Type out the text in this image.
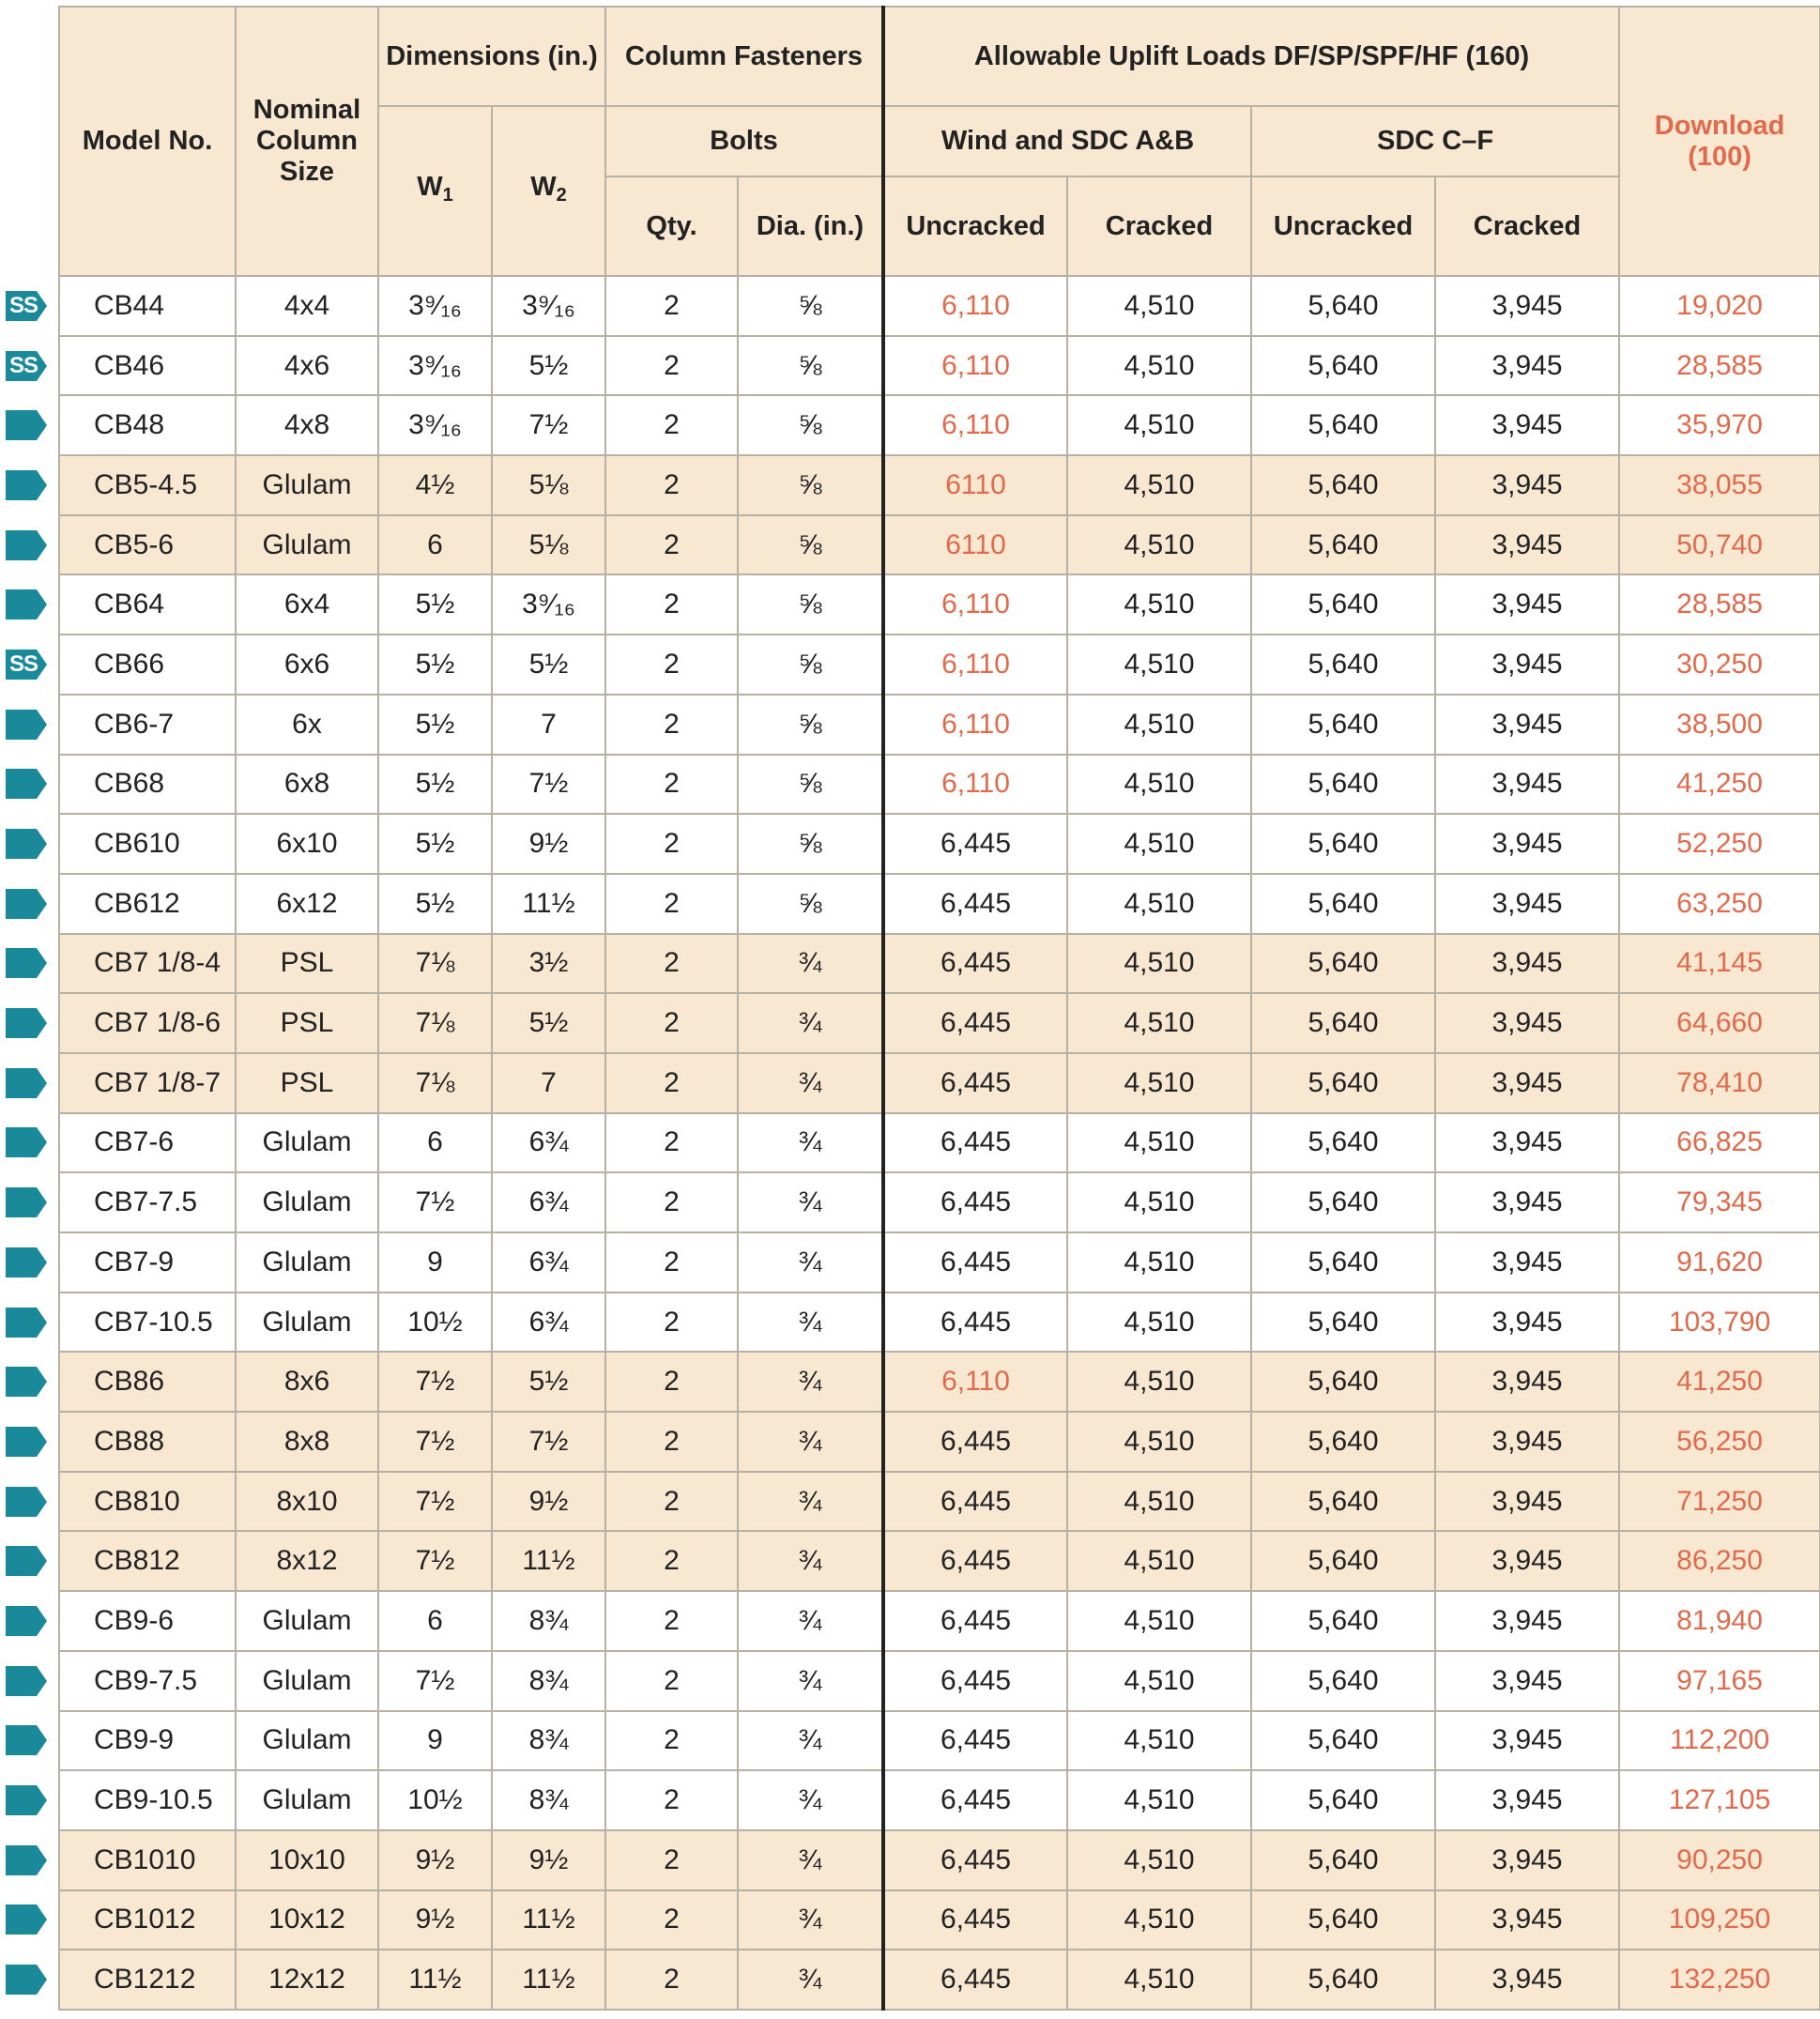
SS
SS
SS
Model No.	Nominal Column Size	Dimensions (in.)		Column Fasteners		Allowable Uplift Loads DF/SP/SPF/HF (160)				Download (100)
		$W_1$	$W_2$	Bolts		Wind and SDC A&B		SDC C–F		
				Qty.	Dia. (in.)	Uncracked	Cracked	Uncracked	Cracked	
CB44	4x4	3⁹⁄₁₆	3⁹⁄₁₆	2	⅝	6,110	4,510	5,640	3,945	19,020
CB46	4x6	3⁹⁄₁₆	5½	2	⅝	6,110	4,510	5,640	3,945	28,585
CB48	4x8	3⁹⁄₁₆	7½	2	⅝	6,110	4,510	5,640	3,945	35,970
CB5-4.5	Glulam	4½	5⅛	2	⅝	6110	4,510	5,640	3,945	38,055
CB5-6	Glulam	6	5⅛	2	⅝	6110	4,510	5,640	3,945	50,740
CB64	6x4	5½	3⁹⁄₁₆	2	⅝	6,110	4,510	5,640	3,945	28,585
CB66	6x6	5½	5½	2	⅝	6,110	4,510	5,640	3,945	30,250
CB6-7	6x	5½	7	2	⅝	6,110	4,510	5,640	3,945	38,500
CB68	6x8	5½	7½	2	⅝	6,110	4,510	5,640	3,945	41,250
CB610	6x10	5½	9½	2	⅝	6,445	4,510	5,640	3,945	52,250
CB612	6x12	5½	11½	2	⅝	6,445	4,510	5,640	3,945	63,250
CB7 1/8-4	PSL	7⅛	3½	2	¾	6,445	4,510	5,640	3,945	41,145
CB7 1/8-6	PSL	7⅛	5½	2	¾	6,445	4,510	5,640	3,945	64,660
CB7 1/8-7	PSL	7⅛	7	2	¾	6,445	4,510	5,640	3,945	78,410
CB7-6	Glulam	6	6¾	2	¾	6,445	4,510	5,640	3,945	66,825
CB7-7.5	Glulam	7½	6¾	2	¾	6,445	4,510	5,640	3,945	79,345
CB7-9	Glulam	9	6¾	2	¾	6,445	4,510	5,640	3,945	91,620
CB7-10.5	Glulam	10½	6¾	2	¾	6,445	4,510	5,640	3,945	103,790
CB86	8x6	7½	5½	2	¾	6,110	4,510	5,640	3,945	41,250
CB88	8x8	7½	7½	2	¾	6,445	4,510	5,640	3,945	56,250
CB810	8x10	7½	9½	2	¾	6,445	4,510	5,640	3,945	71,250
CB812	8x12	7½	11½	2	¾	6,445	4,510	5,640	3,945	86,250
CB9-6	Glulam	6	8¾	2	¾	6,445	4,510	5,640	3,945	81,940
CB9-7.5	Glulam	7½	8¾	2	¾	6,445	4,510	5,640	3,945	97,165
CB9-9	Glulam	9	8¾	2	¾	6,445	4,510	5,640	3,945	112,200
CB9-10.5	Glulam	10½	8¾	2	¾	6,445	4,510	5,640	3,945	127,105
CB1010	10x10	9½	9½	2	¾	6,445	4,510	5,640	3,945	90,250
CB1012	10x12	9½	11½	2	¾	6,445	4,510	5,640	3,945	109,250
CB1212	12x12	11½	11½	2	¾	6,445	4,510	5,640	3,945	132,250
